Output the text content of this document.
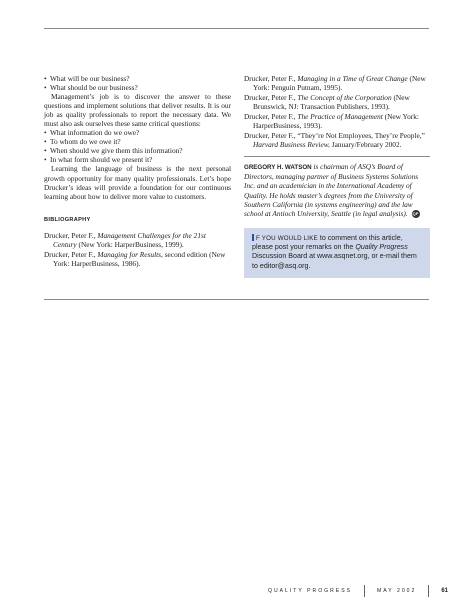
• What will be our business?
• What should be our business?

Management’s job is to discover the answer to these questions and implement solutions that deliver results. It is our job as quality professionals to report the necessary data. We must also ask ourselves these same critical questions:

• What information do we owe?
• To whom do we owe it?
• When should we give them this information?
• In what form should we present it?

Learning the language of business is the next personal growth opportunity for many quality professionals. Let’s hope Drucker’s ideas will provide a foundation for our continuous learning about how to deliver more value to customers.

BIBLIOGRAPHY

Drucker, Peter F., Management Challenges for the 21st Century (New York: HarperBusiness, 1999).

Drucker, Peter F., Managing for Results, second edition (New York: HarperBusiness, 1986).

Drucker, Peter F., Managing in a Time of Great Change (New York: Penguin Putnam, 1995).

Drucker, Peter F., The Concept of the Corporation (New Brunswick, NJ: Transaction Publishers, 1993).

Drucker, Peter F., The Practice of Management (New York: HarperBusiness, 1993).

Drucker, Peter F., “They’re Not Employees, They’re People,” Harvard Business Review, January/February 2002.

GREGORY H. WATSON is chairman of ASQ’s Board of Directors, managing partner of Business Systems Solutions Inc. and an academician in the International Academy of Quality. He holds master’s degrees from the University of Southern California (in systems engineering) and the law school at Antioch University, Seattle (in legal analysis). QP

F YOU WOULD LIKE to comment on this article, please post your remarks on the Quality Progress Discussion Board at www.asqnet.org, or e-mail them to editor@asq.org.
QUALITY PROGRESS	MAY 2002	61
